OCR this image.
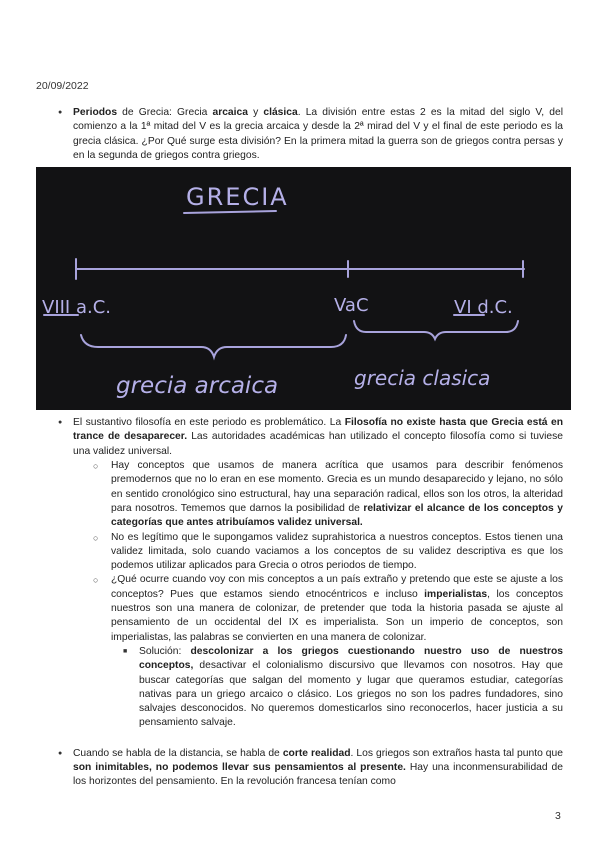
20/09/2022
● Periodos de Grecia: Grecia arcaica y clásica. La división entre estas 2 es la mitad del siglo V, del comienzo a la 1ª mitad del V es la grecia arcaica y desde la 2ª mirad del V y el final de este periodo es la grecia clásica. ¿Por Qué surge esta división? En la primera mitad la guerra son de griegos contra persas y en la segunda de griegos contra griegos.
GRECIA
VIII a.C.	VaC	VI d.C.
grecia arcaica	grecia clasica
● El sustantivo filosofía en este periodo es problemático. La Filosofía no existe hasta que Grecia está en trance de desaparecer. Las autoridades académicas han utilizado el concepto filosofía como si tuviese una validez universal.
○ Hay conceptos que usamos de manera acrítica que usamos para describir fenómenos premodernos que no lo eran en ese momento. Grecia es un mundo desaparecido y lejano, no sólo en sentido cronológico sino estructural, hay una separación radical, ellos son los otros, la alteridad para nosotros. Tememos que darnos la posibilidad de relativizar el alcance de los conceptos y categorías que antes atribuíamos validez universal.
○ No es legítimo que le supongamos validez suprahistorica a nuestros conceptos. Estos tienen una validez limitada, solo cuando vaciamos a los conceptos de su validez descriptiva es que los podemos utilizar aplicados para Grecia o otros periodos de tiempo.
○ ¿Qué ocurre cuando voy con mis conceptos a un país extraño y pretendo que este se ajuste a los conceptos? Pues que estamos siendo etnocéntricos e incluso imperialistas, los conceptos nuestros son una manera de colonizar, de pretender que toda la historia pasada se ajuste al pensamiento de un occidental del IX es imperialista. Son un imperio de conceptos, son imperialistas, las palabras se convierten en una manera de colonizar.
■ Solución: descolonizar a los griegos cuestionando nuestro uso de nuestros conceptos, desactivar el colonialismo discursivo que llevamos con nosotros. Hay que buscar categorías que salgan del momento y lugar que queramos estudiar, categorías nativas para un griego arcaico o clásico. Los griegos no son los padres fundadores, sino salvajes desconocidos. No queremos domesticarlos sino reconocerlos, hacer justicia a su pensamiento salvaje.
● Cuando se habla de la distancia, se habla de corte realidad. Los griegos son extraños hasta tal punto que son inimitables, no podemos llevar sus pensamientos al presente. Hay una inconmensurabilidad de los horizontes del pensamiento. En la revolución francesa tenían como
3
